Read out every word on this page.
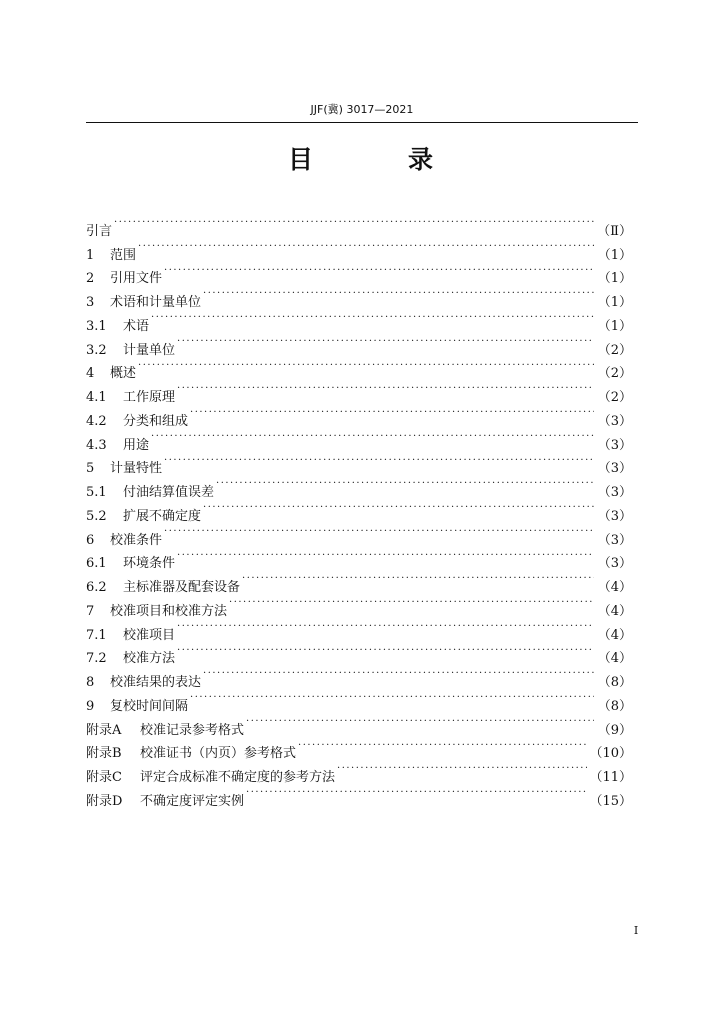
JJF(冀) 3017—2021
目	录
引言 ·····	（Ⅱ）
1	范围 ·····	（1）
2	引用文件 ·····	（1）
3	术语和计量单位 ·····	（1）
3.1	术语 ·····	（1）
3.2	计量单位 ·····	（2）
4	概述 ·····	（2）
4.1	工作原理 ·····	（2）
4.2	分类和组成 ·····	（3）
4.3	用途 ·····	（3）
5	计量特性 ·····	（3）
5.1	付油结算值误差 ·····	（3）
5.2	扩展不确定度 ·····	（3）
6	校准条件 ·····	（3）
6.1	环境条件 ·····	（3）
6.2	主标准器及配套设备 ·····	（4）
7	校准项目和校准方法 ·····	（4）
7.1	校准项目 ·····	（4）
7.2	校准方法 ·····	（4）
8	校准结果的表达 ·····	（8）
9	复校时间间隔 ·····	（8）
附录A	校准记录参考格式 ·····	（9）
附录B	校准证书（内页）参考格式 ·····	（10）
附录C	评定合成标准不确定度的参考方法 ·····	（11）
附录D	不确定度评定实例 ·····	（15）
I
